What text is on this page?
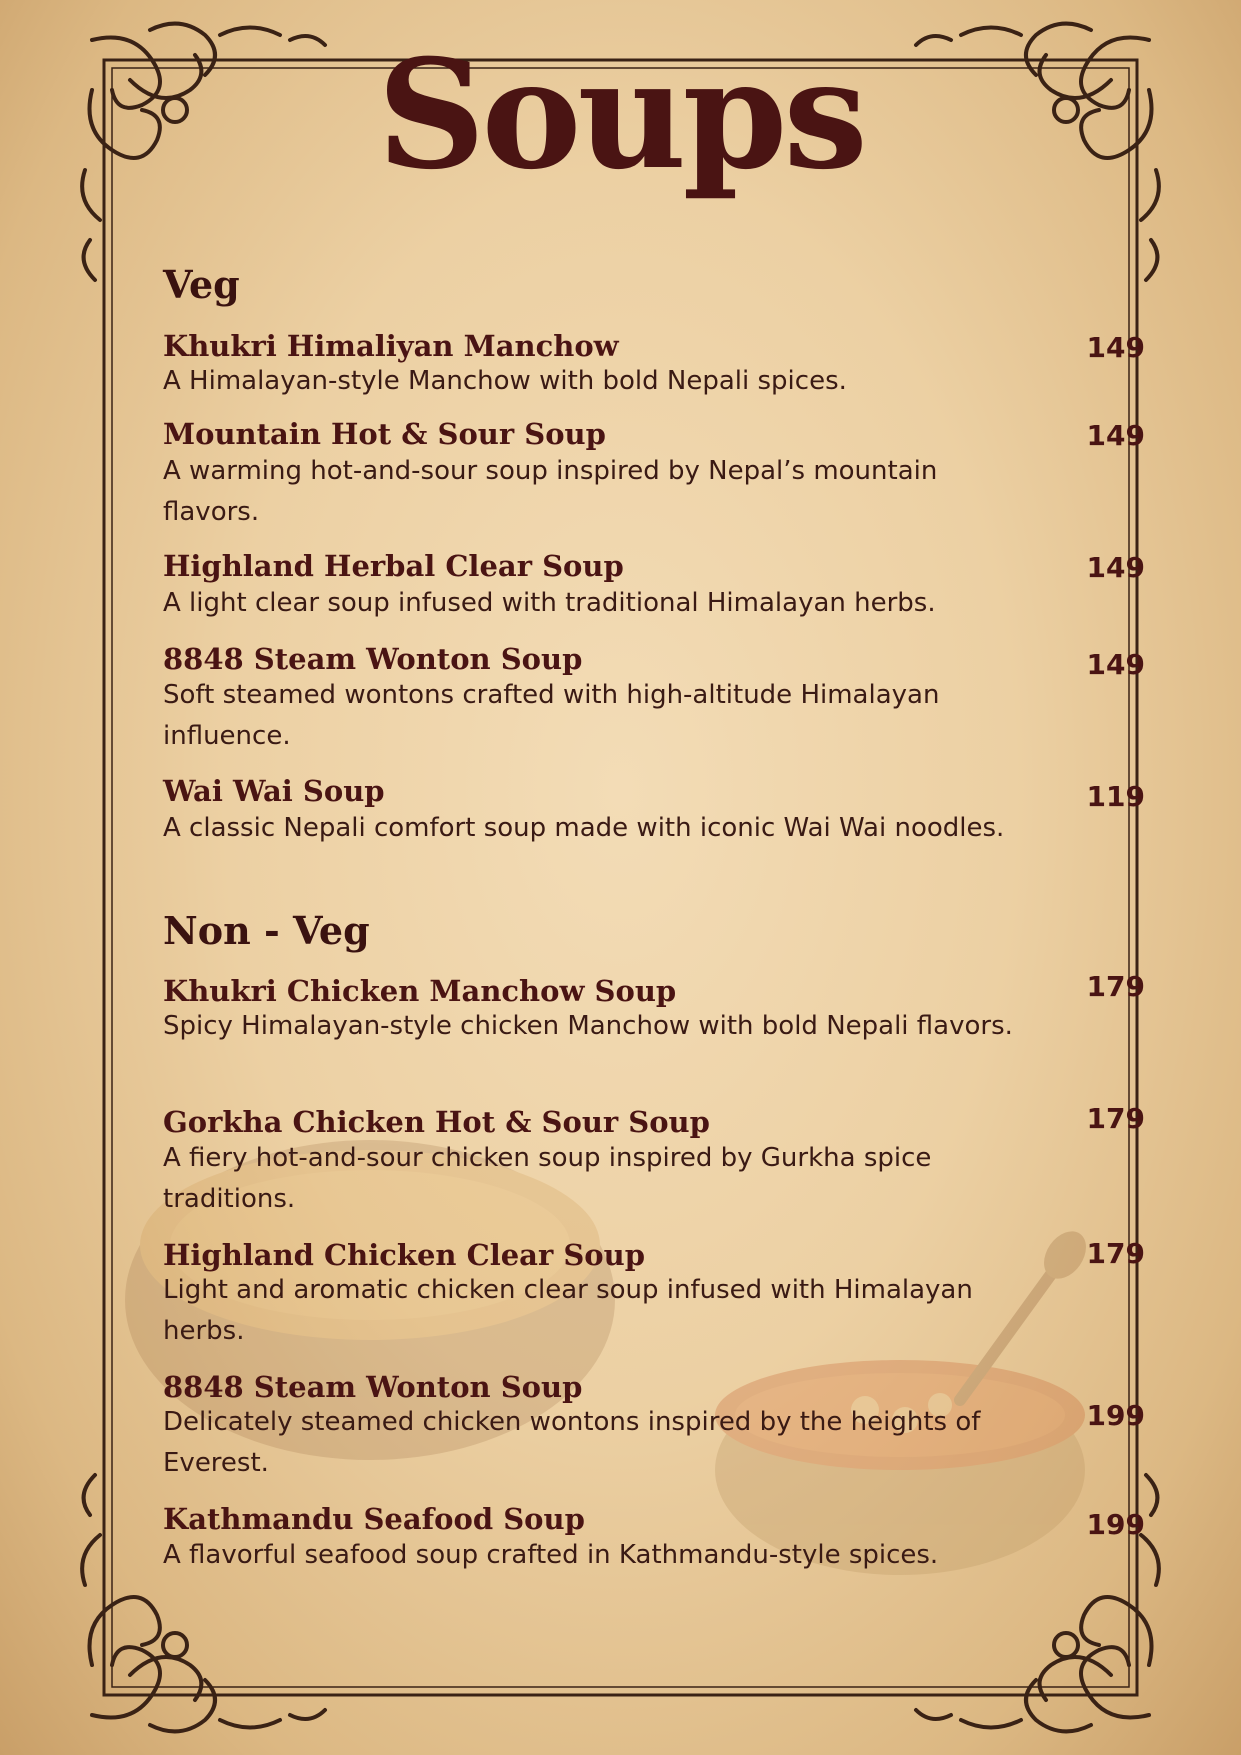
Soups
Veg
Khukri Himaliyan Manchow	149
A Himalayan-style Manchow with bold Nepali spices.
Mountain Hot & Sour Soup	149
A warming hot-and-sour soup inspired by Nepal’s mountain flavors.
Highland Herbal Clear Soup	149
A light clear soup infused with traditional Himalayan herbs.
8848 Steam Wonton Soup	149
Soft steamed wontons crafted with high-altitude Himalayan influence.
Wai Wai Soup	119
A classic Nepali comfort soup made with iconic Wai Wai noodles.
Non - Veg
Khukri Chicken Manchow Soup	179
Spicy Himalayan-style chicken Manchow with bold Nepali flavors.
Gorkha Chicken Hot & Sour Soup	179
A fiery hot-and-sour chicken soup inspired by Gurkha spice traditions.
Highland Chicken Clear Soup	179
Light and aromatic chicken clear soup infused with Himalayan herbs.
8848 Steam Wonton Soup
199
Delicately steamed chicken wontons inspired by the heights of Everest.
Kathmandu Seafood Soup	199
A flavorful seafood soup crafted in Kathmandu-style spices.
